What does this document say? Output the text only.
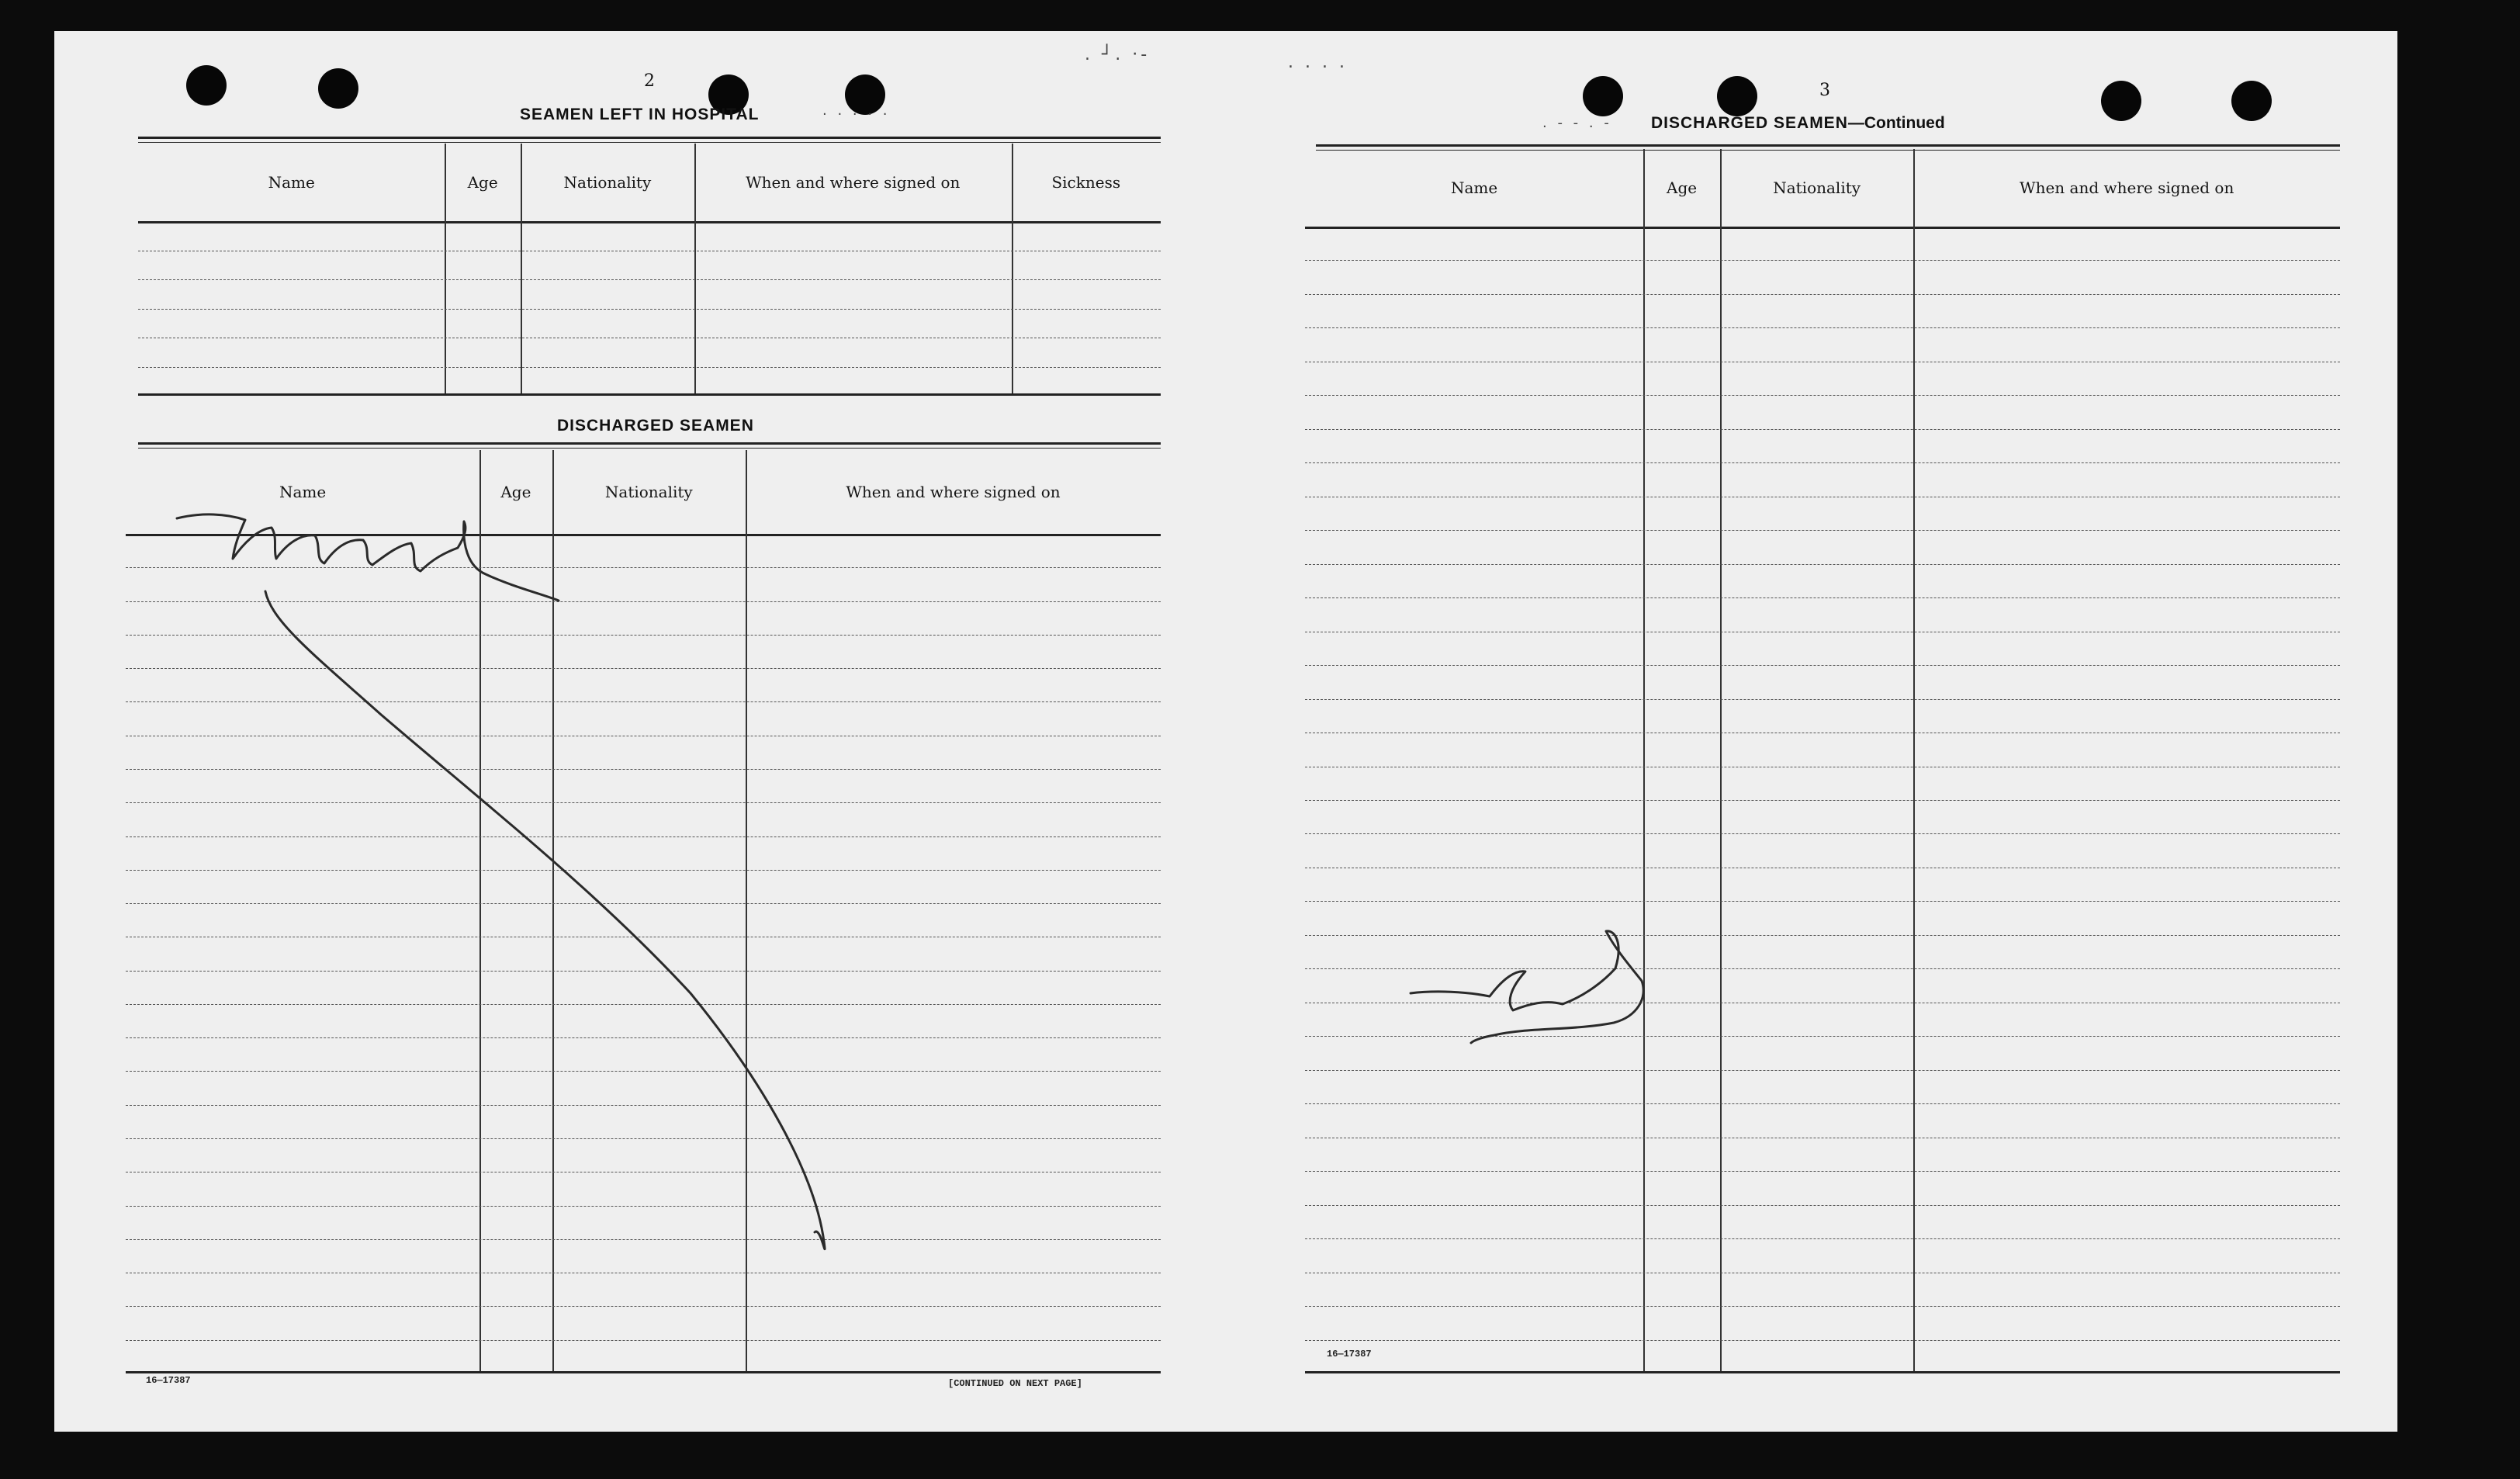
. ┘. ·-	. . . .
2
SEAMEN LEFT IN HOSPITAL	. . . . .
Name	Age	Nationality	When and where signed on	Sickness
DISCHARGED SEAMEN
Name	Age	Nationality	When and where signed on
16—17387	[CONTINUED ON NEXT PAGE]
3
. - - . - DISCHARGED SEAMEN—Continued
Name	Age	Nationality	When and where signed on
16—17387
